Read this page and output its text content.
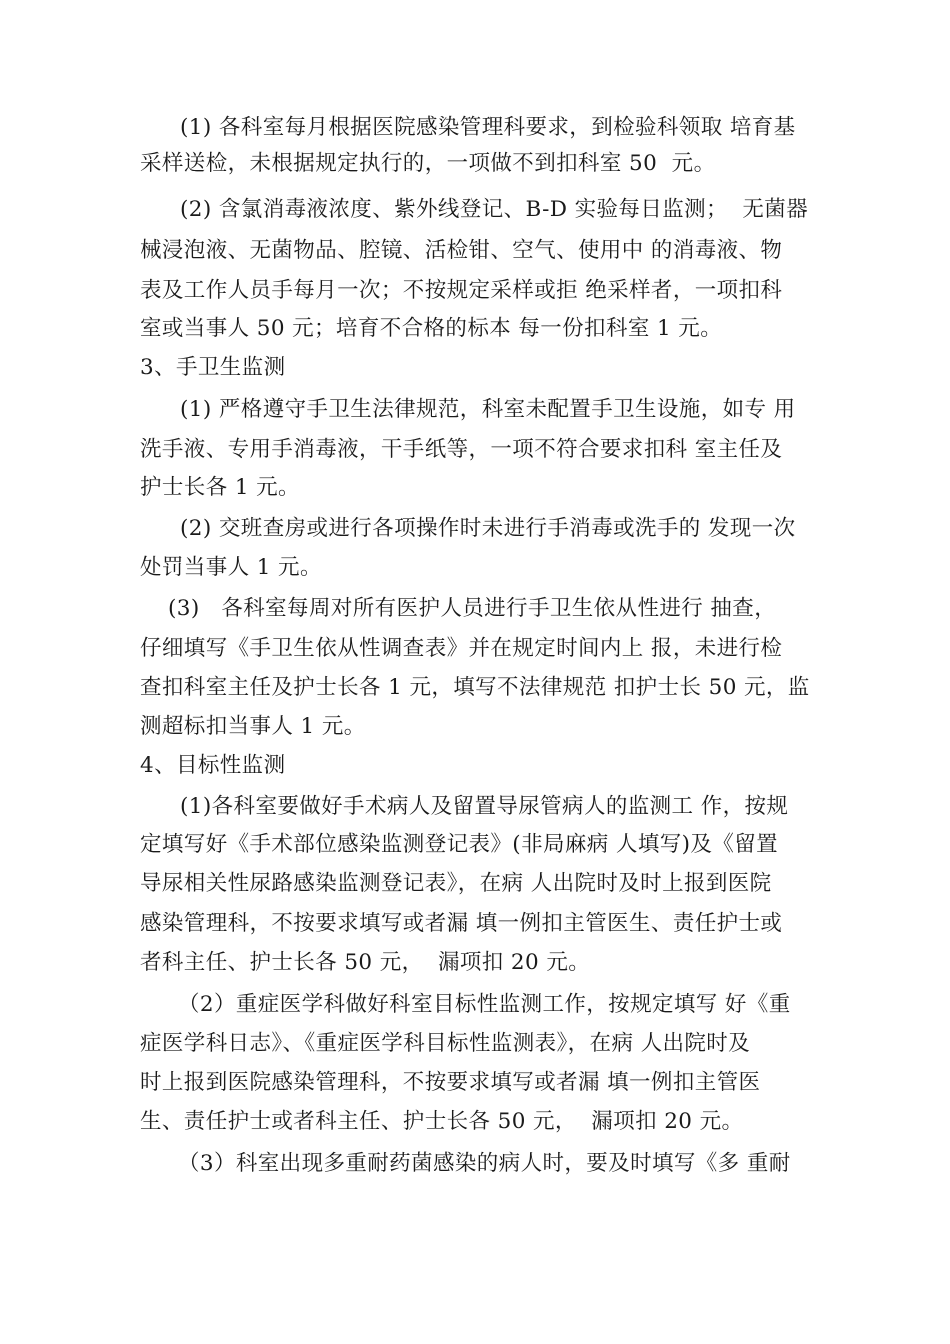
(1) 各科室每月根据医院感染管理科要求，到检验科领取 培育基
采样送检，未根据规定执行的，一项做不到扣科室 50  元。
(2) 含氯消毒液浓度、紫外线登记、B-D 实验每日监测；  无菌器
械浸泡液、无菌物品、腔镜、活检钳、空气、使用中 的消毒液、物
表及工作人员手每月一次；不按规定采样或拒 绝采样者，一项扣科
室或当事人 50 元；培育不合格的标本 每一份扣科室 1 元。
3、手卫生监测
(1) 严格遵守手卫生法律规范，科室未配置手卫生设施，如专 用
洗手液、专用手消毒液，干手纸等，一项不符合要求扣科 室主任及
护士长各 1 元。
(2) 交班查房或进行各项操作时未进行手消毒或洗手的 发现一次
处罚当事人 1 元。
(3)   各科室每周对所有医护人员进行手卫生依从性进行 抽查，
仔细填写《手卫生依从性调查表》并在规定时间内上 报，未进行检
查扣科室主任及护士长各 1 元，填写不法律规范 扣护士长 50 元，监
测超标扣当事人 1 元。
4、目标性监测
(1)各科室要做好手术病人及留置导尿管病人的监测工 作，按规
定填写好《手术部位感染监测登记表》(非局麻病 人填写)及《留置
导尿相关性尿路感染监测登记表》，在病 人出院时及时上报到医院
感染管理科，不按要求填写或者漏 填一例扣主管医生、责任护士或
者科主任、护士长各 50 元，  漏项扣 20 元。
（2）重症医学科做好科室目标性监测工作，按规定填写 好《重
症医学科日志》、《重症医学科目标性监测表》，在病 人出院时及
时上报到医院感染管理科，不按要求填写或者漏 填一例扣主管医
生、责任护士或者科主任、护士长各 50 元，  漏项扣 20 元。
（3）科室出现多重耐药菌感染的病人时，要及时填写《多 重耐
